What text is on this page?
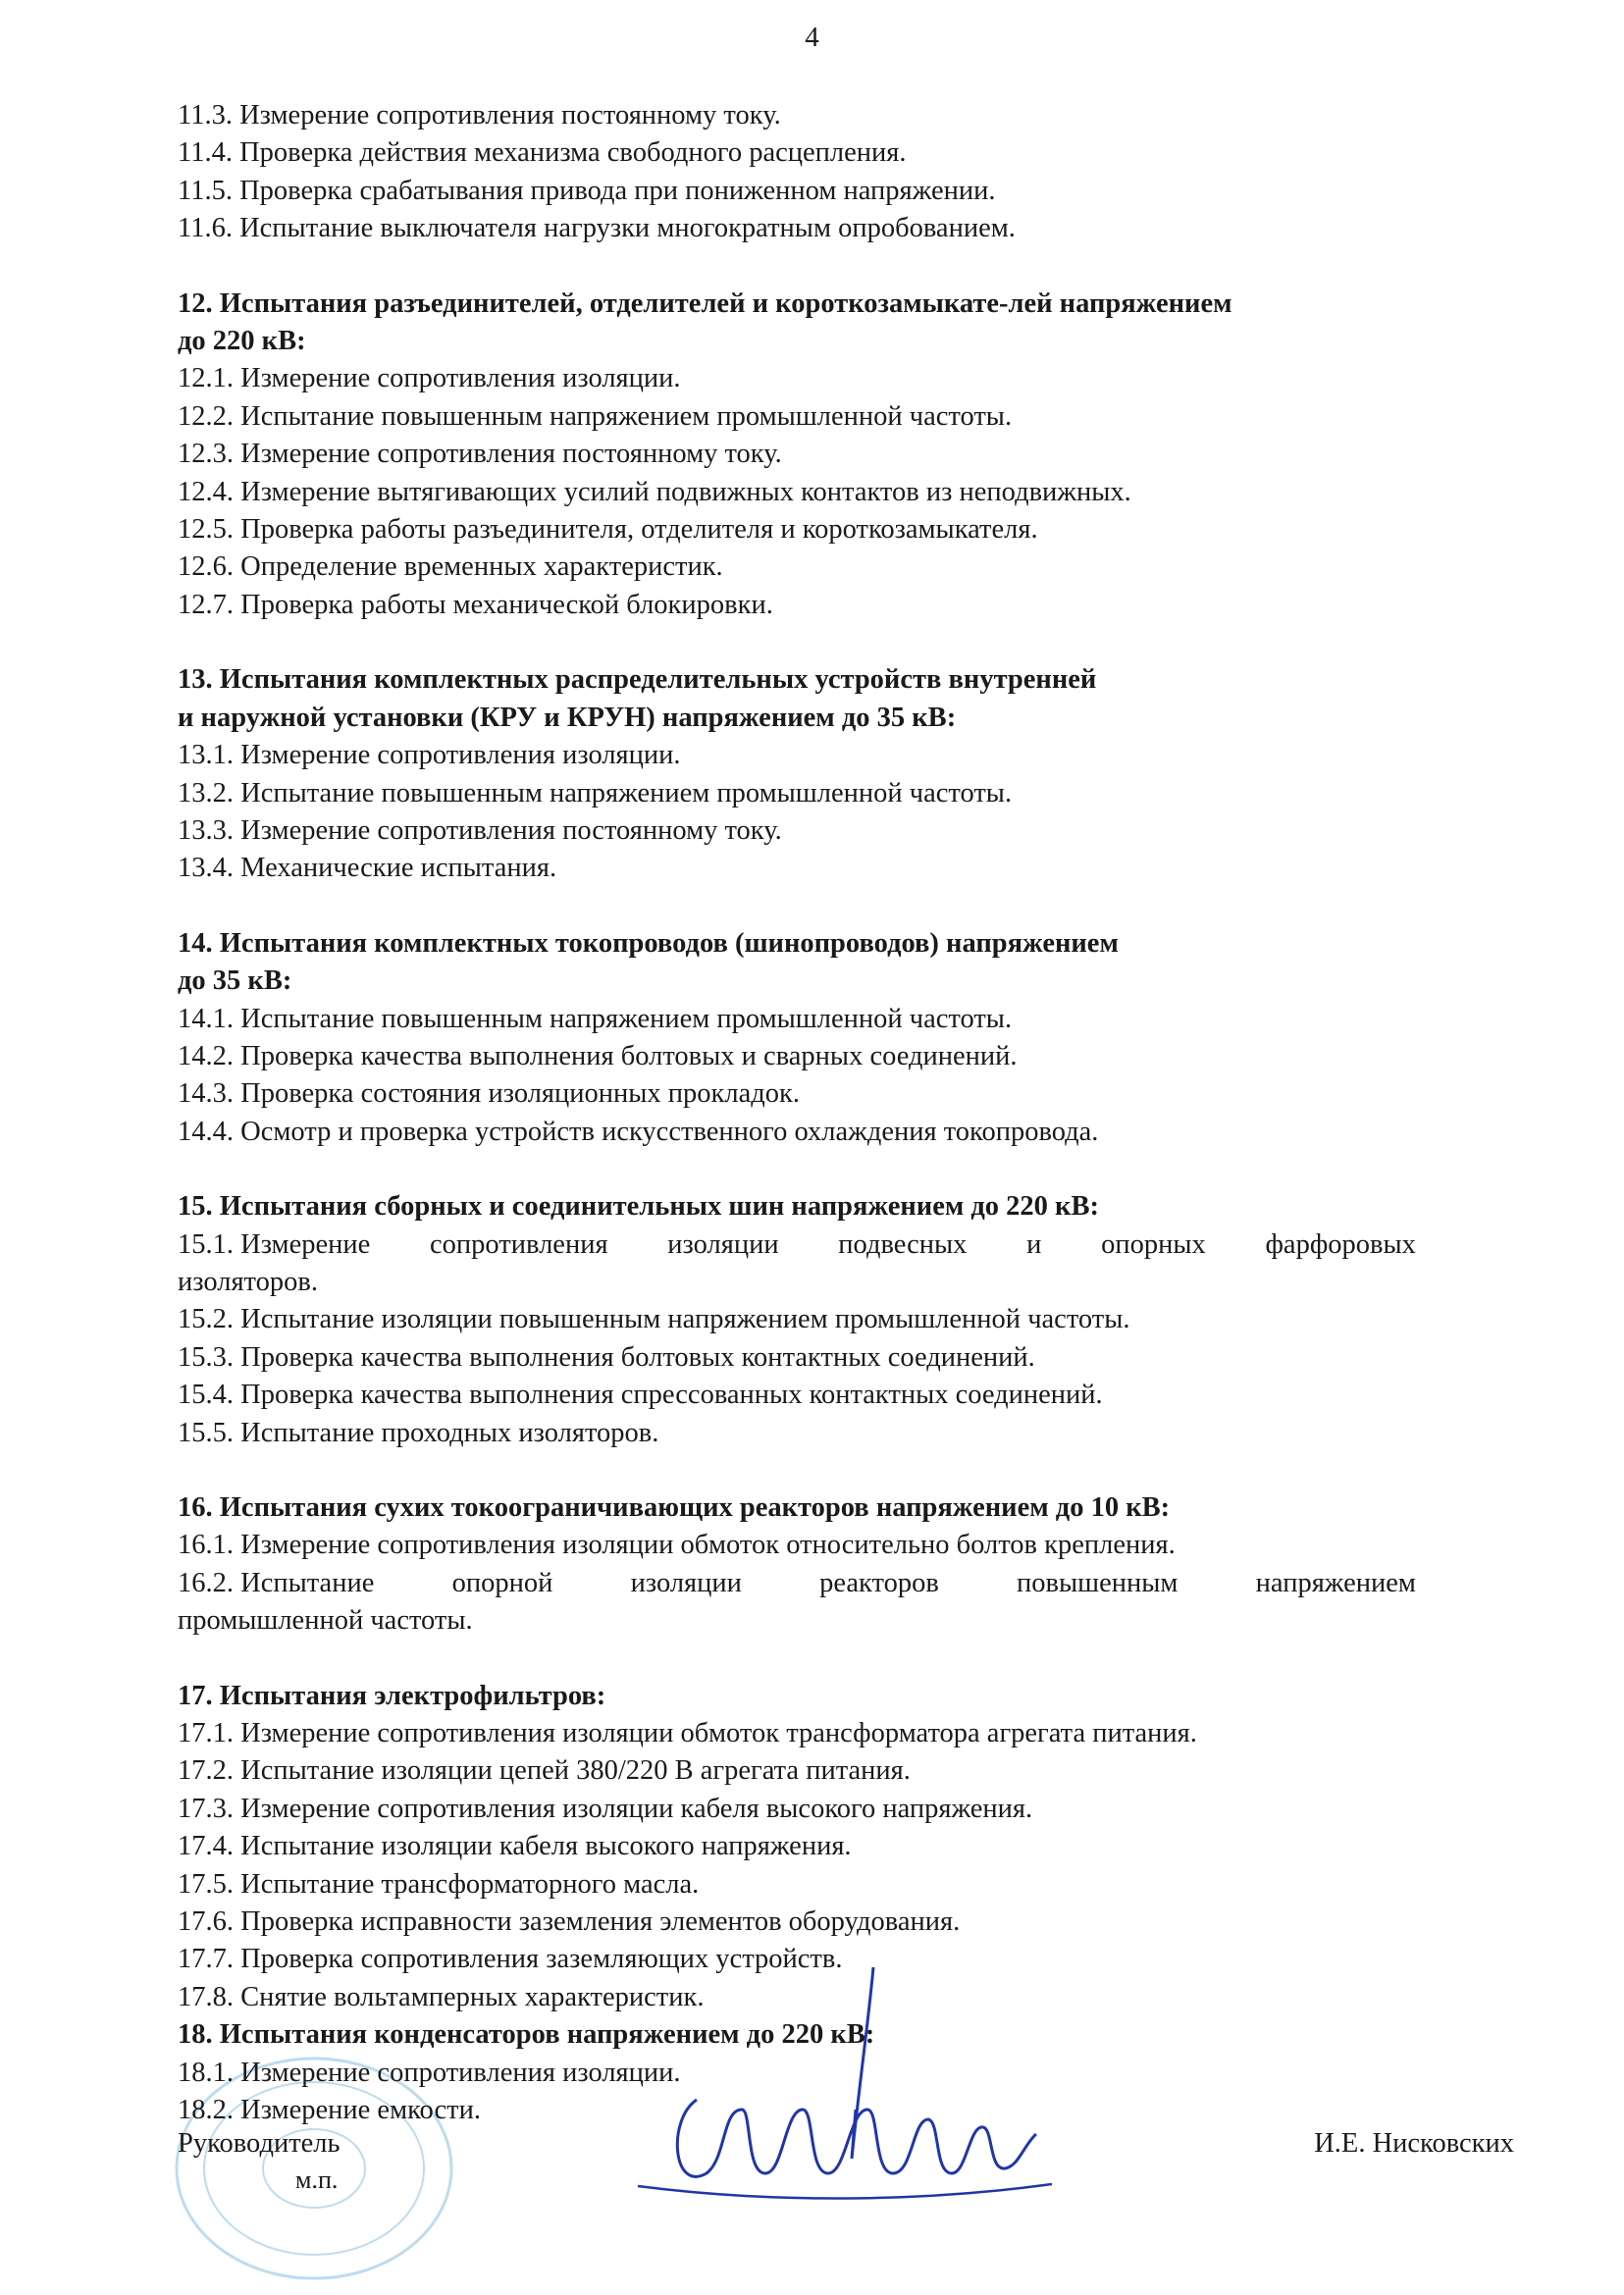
4
11.3. Измерение сопротивления постоянному току.
11.4. Проверка действия механизма свободного расцепления.
11.5. Проверка срабатывания привода при пониженном напряжении.
11.6. Испытание выключателя нагрузки многократным опробованием.
12. Испытания разъединителей, отделителей и короткозамыкате-лей напряжением
до 220 кВ:
12.1. Измерение сопротивления изоляции.
12.2. Испытание повышенным напряжением промышленной частоты.
12.3. Измерение сопротивления постоянному току.
12.4. Измерение вытягивающих усилий подвижных контактов из неподвижных.
12.5. Проверка работы разъединителя, отделителя и короткозамыкателя.
12.6. Определение временных характеристик.
12.7. Проверка работы механической блокировки.
13. Испытания комплектных распределительных устройств внутренней
и наружной установки (КРУ и КРУН) напряжением до 35 кВ:
13.1. Измерение сопротивления изоляции.
13.2. Испытание повышенным напряжением промышленной частоты.
13.3. Измерение сопротивления постоянному току.
13.4. Механические испытания.
14. Испытания комплектных токопроводов (шинопроводов) напряжением
до 35 кВ:
14.1. Испытание повышенным напряжением промышленной частоты.
14.2. Проверка качества выполнения болтовых и сварных соединений.
14.3. Проверка состояния изоляционных прокладок.
14.4. Осмотр и проверка устройств искусственного охлаждения токопровода.
15. Испытания сборных и соединительных шин напряжением до 220 кВ:
15.1. Измерение сопротивления изоляции подвесных и опорных фарфоровых
изоляторов.
15.2. Испытание изоляции повышенным напряжением промышленной частоты.
15.3. Проверка качества выполнения болтовых контактных соединений.
15.4. Проверка качества выполнения спрессованных контактных соединений.
15.5. Испытание проходных изоляторов.
16. Испытания сухих токоограничивающих реакторов напряжением до 10 кВ:
16.1. Измерение сопротивления изоляции обмоток относительно болтов крепления.
16.2. Испытание	опорной	изоляции	реакторов	повышенным	напряжением
промышленной частоты.
17. Испытания электрофильтров:
17.1. Измерение сопротивления изоляции обмоток трансформатора агрегата питания.
17.2. Испытание изоляции цепей 380/220 В агрегата питания.
17.3. Измерение сопротивления изоляции кабеля высокого напряжения.
17.4. Испытание изоляции кабеля высокого напряжения.
17.5. Испытание трансформаторного масла.
17.6. Проверка исправности заземления элементов оборудования.
17.7. Проверка сопротивления заземляющих устройств.
17.8. Снятие вольтамперных характеристик.
18. Испытания конденсаторов напряжением до 220 кВ:
18.1. Измерение сопротивления изоляции.
18.2. Измерение емкости.
Руководитель
м.п.
И.Е. Нисковских
